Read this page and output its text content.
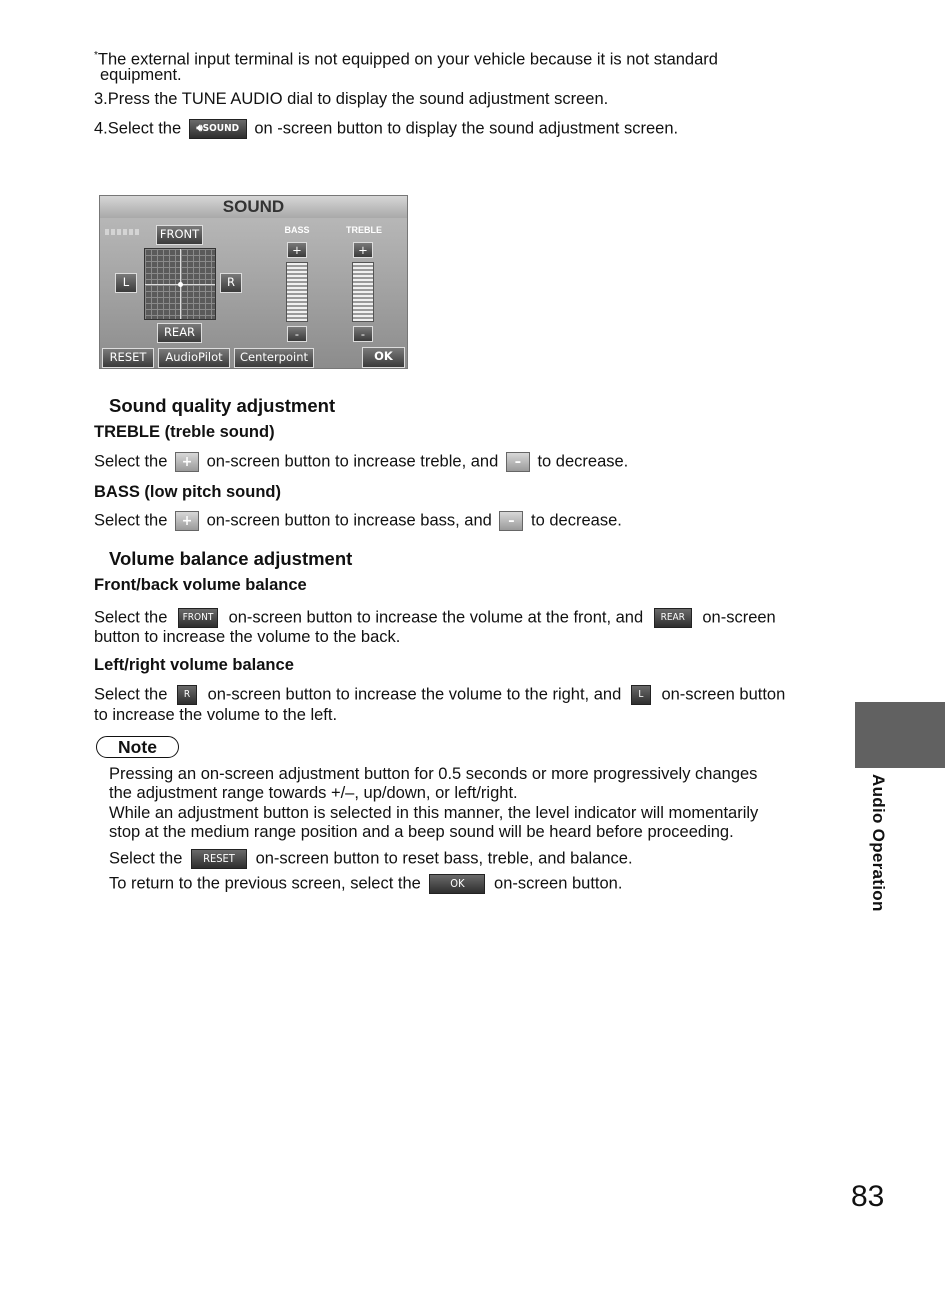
*The external input terminal is not equipped on your vehicle because it is not standard
equipment.
3.Press the TUNE AUDIO dial to display the sound adjustment screen.
4.Select the 🔊︎SOUND on -screen button to display the sound adjustment screen.
SOUND
FRONT
L	R
REAR
BASS
+
-
TREBLE
+
-
RESET	AudioPilot	Centerpoint	OK
Sound quality adjustment
TREBLE (treble sound)
Select the + on-screen button to increase treble, and – to decrease.
BASS (low pitch sound)
Select the + on-screen button to increase bass, and – to decrease.
Volume balance adjustment
Front/back volume balance
Select the FRONT on-screen button to increase the volume at the front, and REAR on-screen
button to increase the volume to the back.
Left/right volume balance
Select the R on-screen button to increase the volume to the right, and L on-screen button
to increase the volume to the left.
Note
Pressing an on-screen adjustment button for 0.5 seconds or more progressively changes
the adjustment range towards +/–, up/down, or left/right.
While an adjustment button is selected in this manner, the level indicator will momentarily
stop at the medium range position and a beep sound will be heard before proceeding.
Select the RESET on-screen button to reset bass, treble, and balance.
To return to the previous screen, select the	OK on-screen button.	Audio Operation
83
